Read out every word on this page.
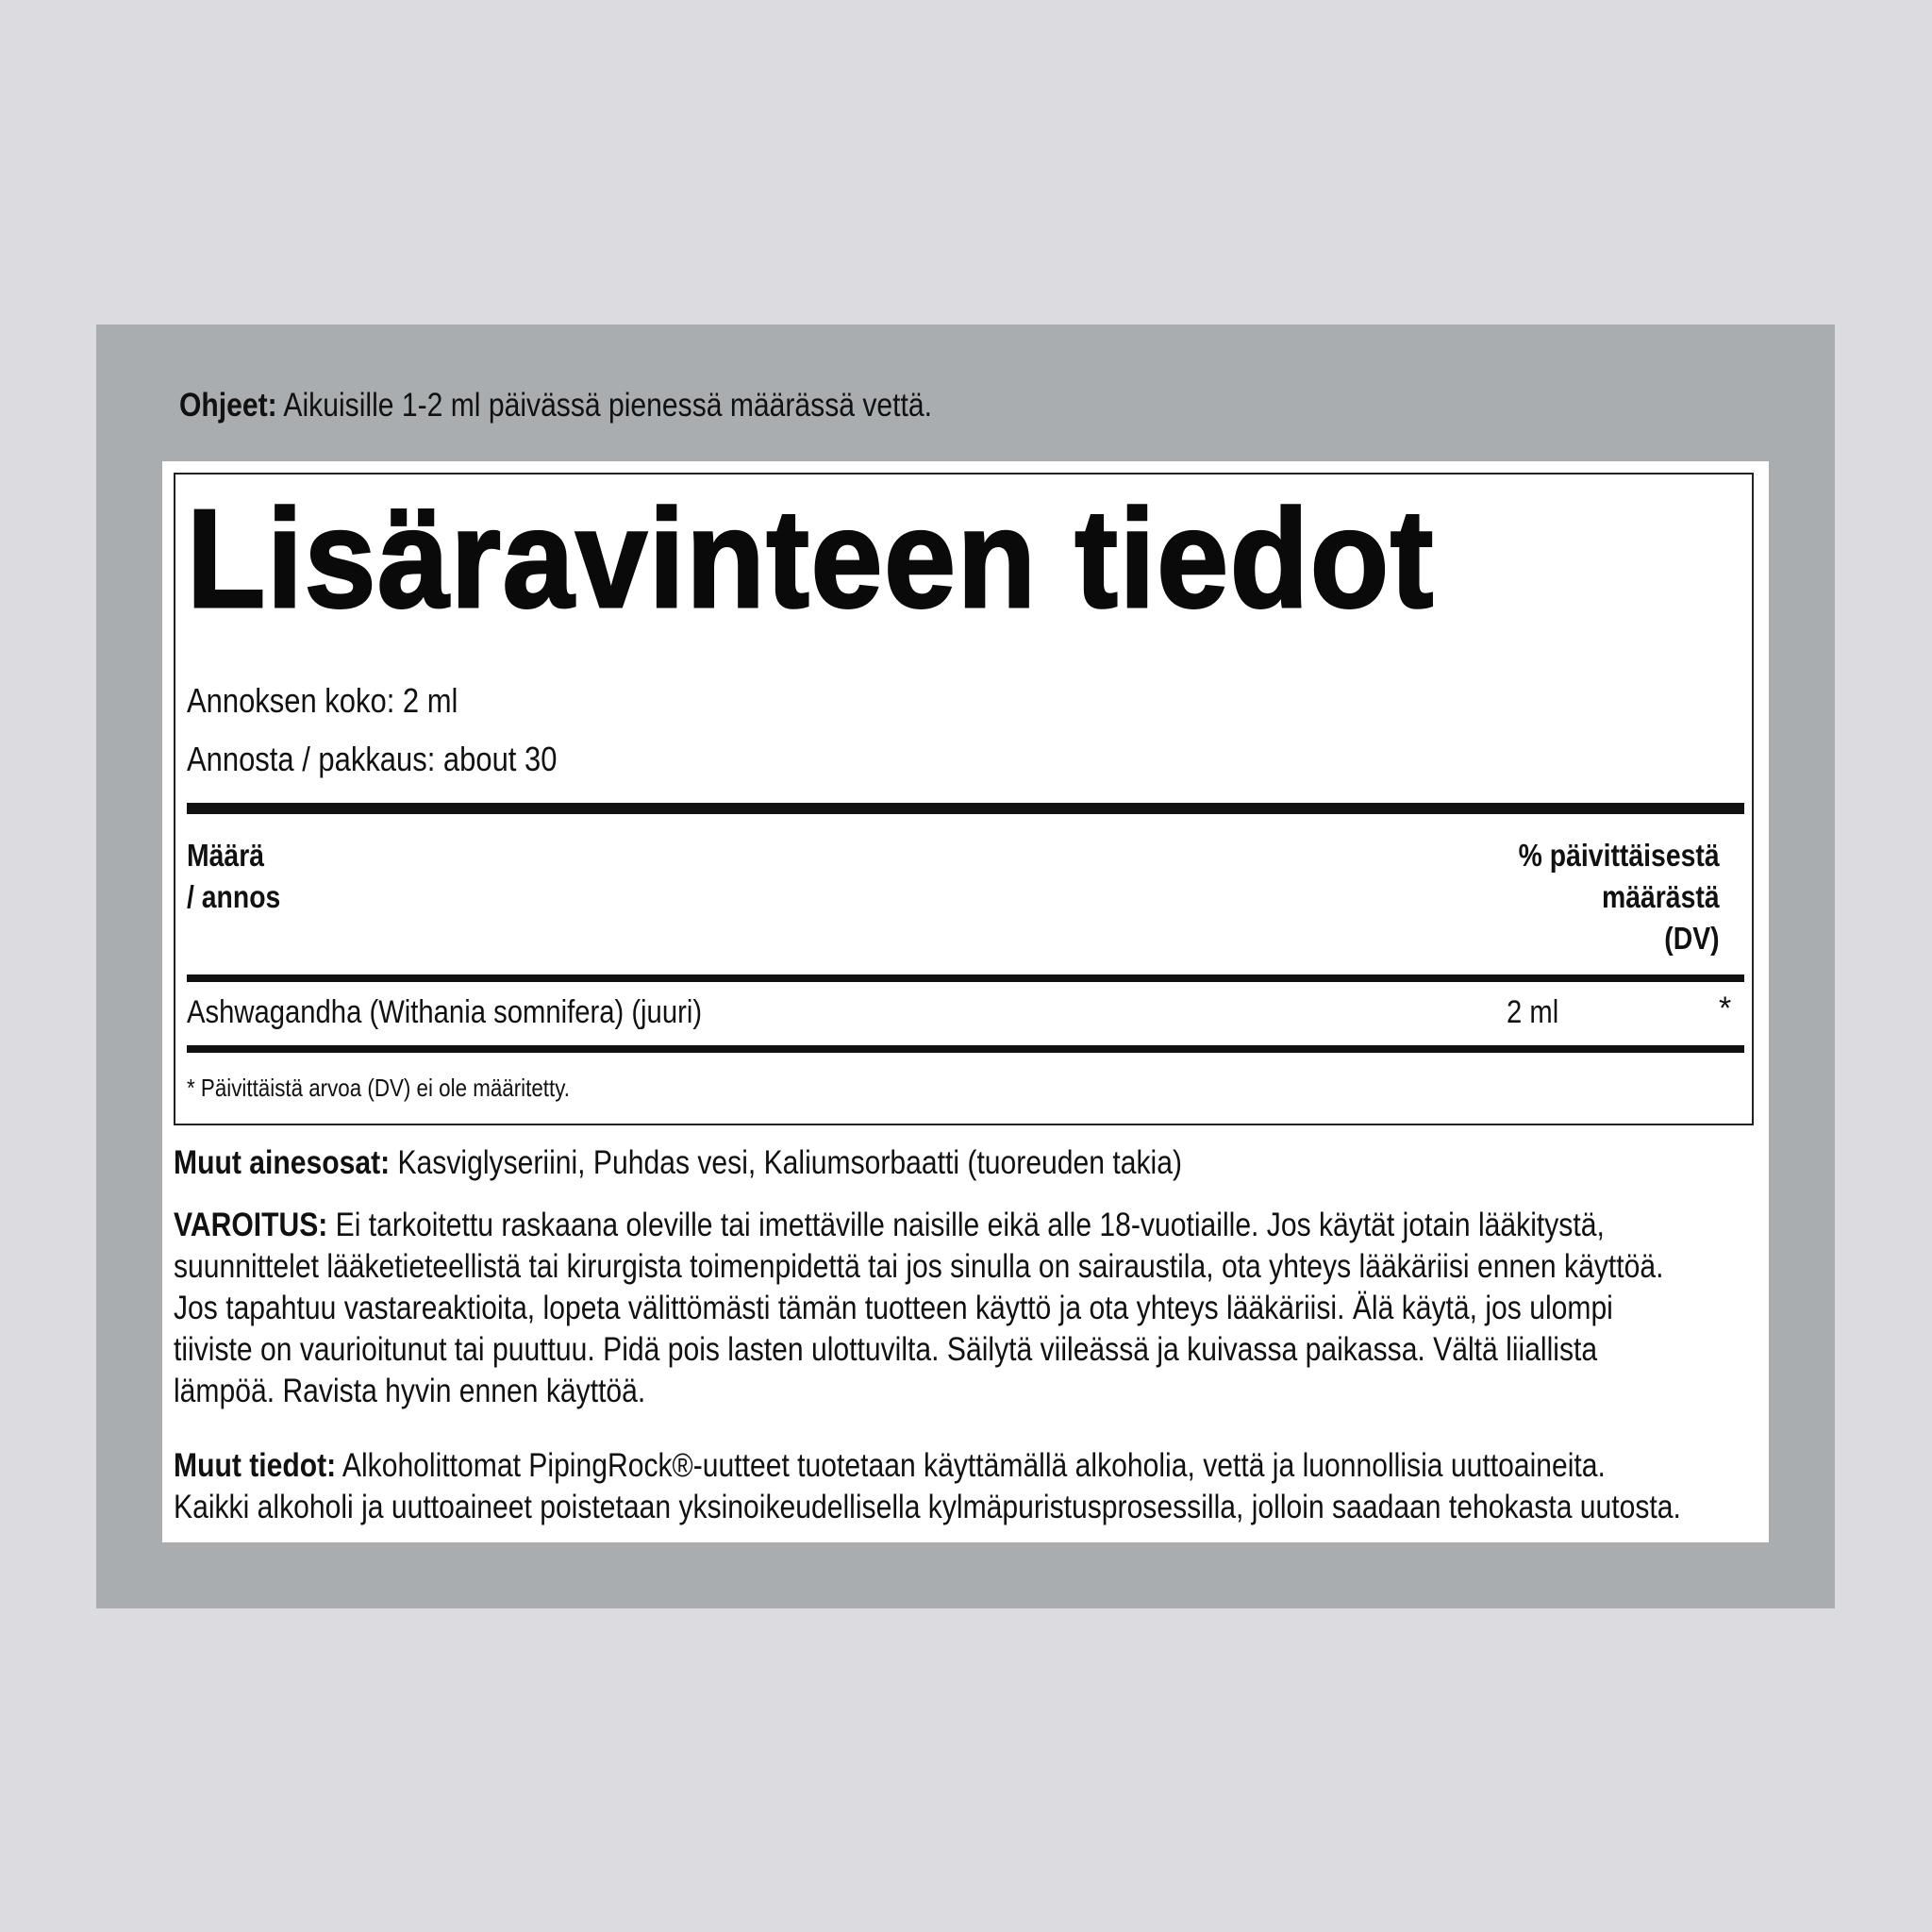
Ohjeet: Aikuisille 1-2 ml päivässä pienessä määrässä vettä.
Lisäravinteen tiedot
Annoksen koko: 2 ml
Annosta / pakkaus: about 30
Määrä
/ annos
% päivittäisestä
määrästä
(DV)
Ashwagandha (Withania somnifera) (juuri)	2 ml	*
* Päivittäistä arvoa (DV) ei ole määritetty.
Muut ainesosat: Kasviglyseriini, Puhdas vesi, Kaliumsorbaatti (tuoreuden takia)
VAROITUS: Ei tarkoitettu raskaana oleville tai imettäville naisille eikä alle 18-vuotiaille. Jos käytät jotain lääkitystä,
suunnittelet lääketieteellistä tai kirurgista toimenpidettä tai jos sinulla on sairaustila, ota yhteys lääkäriisi ennen käyttöä.
Jos tapahtuu vastareaktioita, lopeta välittömästi tämän tuotteen käyttö ja ota yhteys lääkäriisi. Älä käytä, jos ulompi
tiiviste on vaurioitunut tai puuttuu. Pidä pois lasten ulottuvilta. Säilytä viileässä ja kuivassa paikassa. Vältä liiallista
lämpöä. Ravista hyvin ennen käyttöä.
Muut tiedot: Alkoholittomat PipingRock®-uutteet tuotetaan käyttämällä alkoholia, vettä ja luonnollisia uuttoaineita.
Kaikki alkoholi ja uuttoaineet poistetaan yksinoikeudellisella kylmäpuristusprosessilla, jolloin saadaan tehokasta uutosta.
